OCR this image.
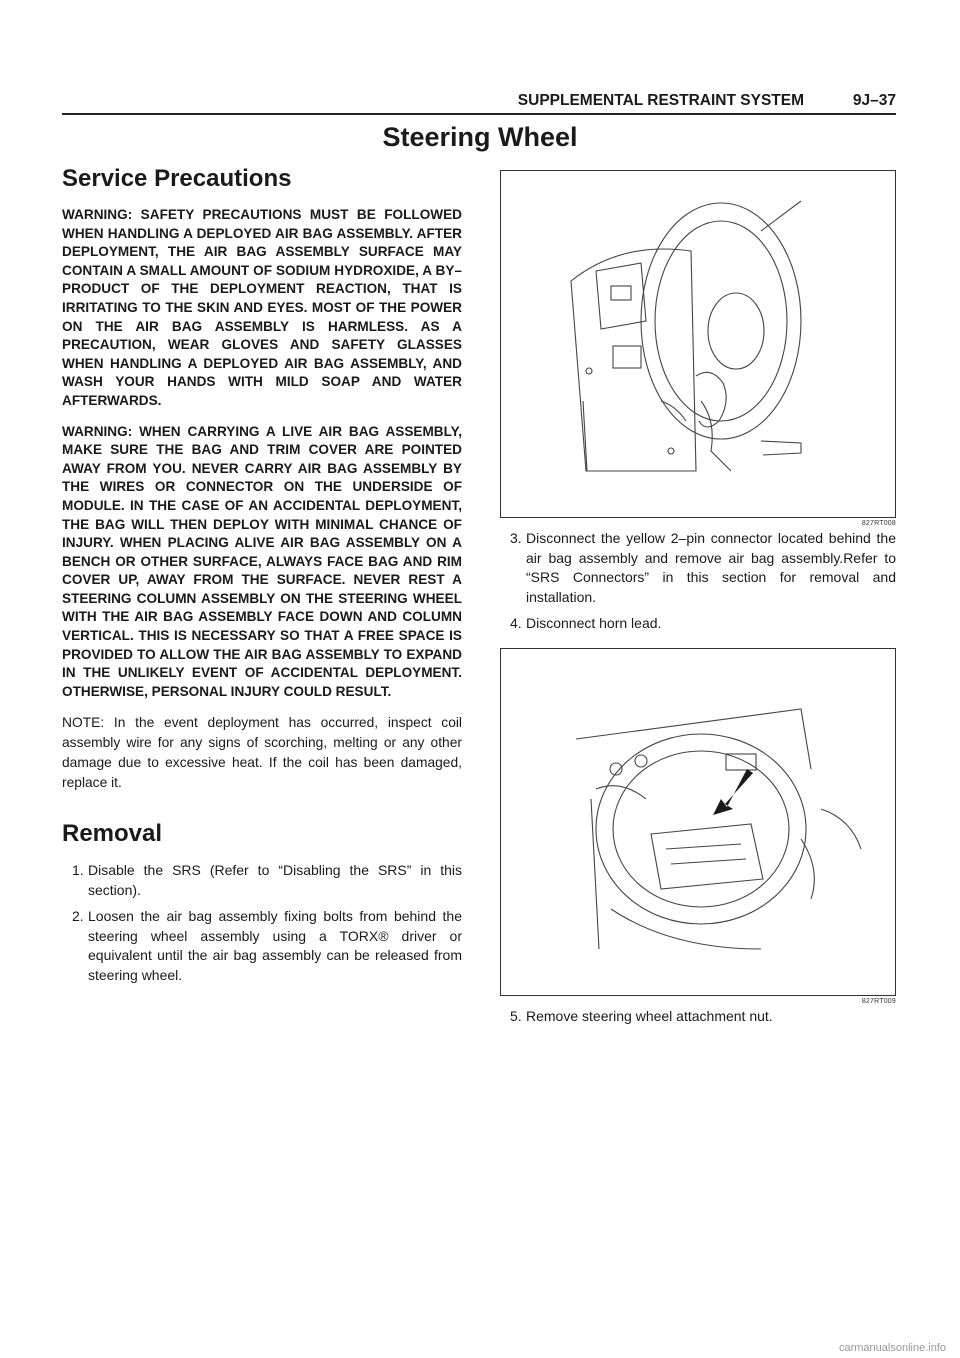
SUPPLEMENTAL RESTRAINT SYSTEM	9J–37
Steering Wheel
Service Precautions

WARNING: SAFETY PRECAUTIONS MUST BE FOLLOWED WHEN HANDLING A DEPLOYED AIR BAG ASSEMBLY. AFTER DEPLOYMENT, THE AIR BAG ASSEMBLY SURFACE MAY CONTAIN A SMALL AMOUNT OF SODIUM HYDROXIDE, A BY–PRODUCT OF THE DEPLOYMENT REACTION, THAT IS IRRITATING TO THE SKIN AND EYES. MOST OF THE POWER ON THE AIR BAG ASSEMBLY IS HARMLESS. AS A PRECAUTION, WEAR GLOVES AND SAFETY GLASSES WHEN HANDLING A DEPLOYED AIR BAG ASSEMBLY, AND WASH YOUR HANDS WITH MILD SOAP AND WATER AFTERWARDS.

WARNING: WHEN CARRYING A LIVE AIR BAG ASSEMBLY, MAKE SURE THE BAG AND TRIM COVER ARE POINTED AWAY FROM YOU. NEVER CARRY AIR BAG ASSEMBLY BY THE WIRES OR CONNECTOR ON THE UNDERSIDE OF MODULE. IN THE CASE OF AN ACCIDENTAL DEPLOYMENT, THE BAG WILL THEN DEPLOY WITH MINIMAL CHANCE OF INJURY. WHEN PLACING ALIVE AIR BAG ASSEMBLY ON A BENCH OR OTHER SURFACE, ALWAYS FACE BAG AND RIM COVER UP, AWAY FROM THE SURFACE. NEVER REST A STEERING COLUMN ASSEMBLY ON THE STEERING WHEEL WITH THE AIR BAG ASSEMBLY FACE DOWN AND COLUMN VERTICAL. THIS IS NECESSARY SO THAT A FREE SPACE IS PROVIDED TO ALLOW THE AIR BAG ASSEMBLY TO EXPAND IN THE UNLIKELY EVENT OF ACCIDENTAL DEPLOYMENT. OTHERWISE, PERSONAL INJURY COULD RESULT.

NOTE: In the event deployment has occurred, inspect coil assembly wire for any signs of scorching, melting or any other damage due to excessive heat. If the coil has been damaged, replace it.

Removal
1. Disable the SRS (Refer to “Disabling the SRS” in this section).
2. Loosen the air bag assembly fixing bolts from behind the steering wheel assembly using a TORX® driver or equivalent until the air bag assembly can be released from steering wheel.
827RT008
3. Disconnect the yellow 2–pin connector located behind the air bag assembly and remove air bag assembly.Refer to “SRS Connectors” in this section for removal and installation.
4. Disconnect horn lead.
827RT009
5. Remove steering wheel attachment nut.
carmanualsonline.info
